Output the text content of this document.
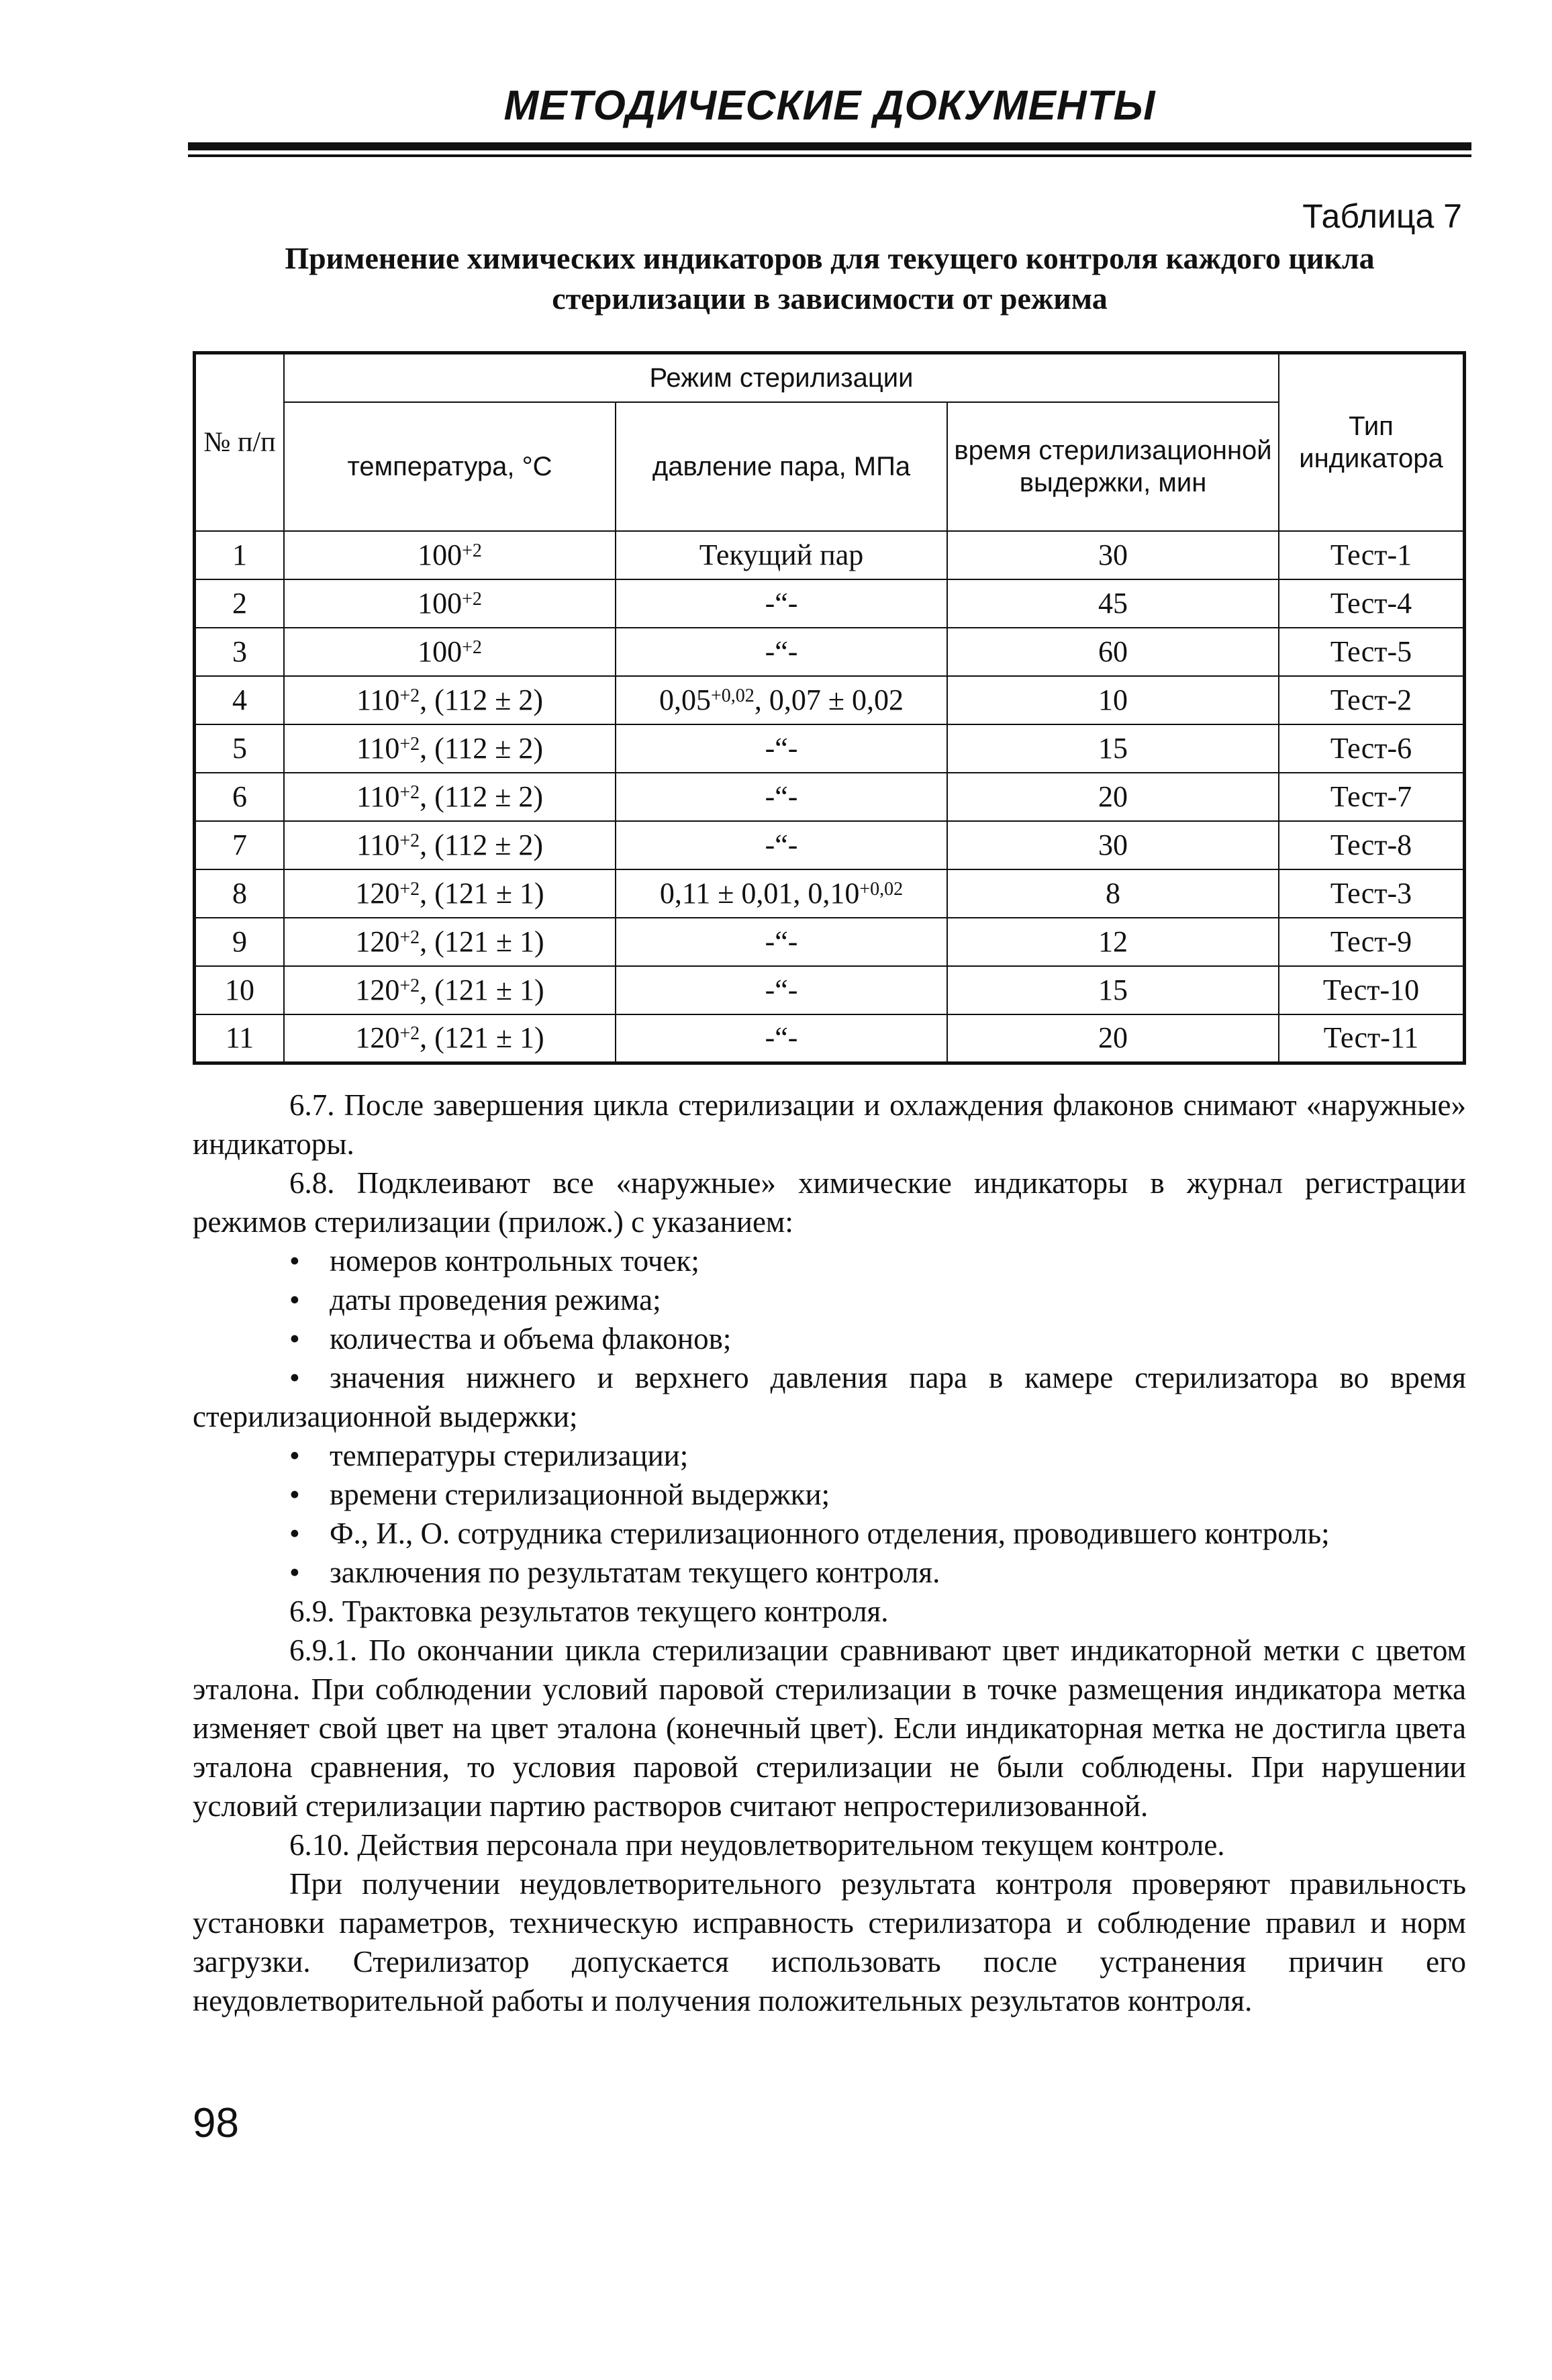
МЕТОДИЧЕСКИЕ ДОКУМЕНТЫ
Таблица 7
Применение химических индикаторов для текущего контроля каждого цикла
стерилизации в зависимости от режима
№ п/п	Режим стерилизации			Тип индикатора
	температура, °С	давление пара, МПа	время стерилизационной выдержки, мин	
1	$100^{+2}$	Текущий пар	30	Тест-1
2	$100^{+2}$	-“-	45	Тест-4
3	$100^{+2}$	-“-	60	Тест-5
4	$110^{+2}$, (112 ± 2)	$0,05^{+0,02}$, 0,07 ± 0,02	10	Тест-2
5	$110^{+2}$, (112 ± 2)	-“-	15	Тест-6
6	$110^{+2}$, (112 ± 2)	-“-	20	Тест-7
7	$110^{+2}$, (112 ± 2)	-“-	30	Тест-8
8	$120^{+2}$, (121 ± 1)	0,11 ± 0,01, $0,10^{+0,02}$	8	Тест-3
9	$120^{+2}$, (121 ± 1)	-“-	12	Тест-9
10	$120^{+2}$, (121 ± 1)	-“-	15	Тест-10
11	$120^{+2}$, (121 ± 1)	-“-	20	Тест-11

6.7. После завершения цикла стерилизации и охлаждения флаконов снимают «наружные» индикаторы.

6.8. Подклеивают все «наружные» химические индикаторы в журнал регистрации режимов стерилизации (прилож.) с указанием:

• номеров контрольных точек;
• даты проведения режима;
• количества и объема флаконов;

• значения нижнего и верхнего давления пара в камере стерилизатора во время стерилизационной выдержки;

• температуры стерилизации;
• времени стерилизационной выдержки;
• Ф., И., О. сотрудника стерилизационного отделения, проводившего контроль;
• заключения по результатам текущего контроля.

6.9. Трактовка результатов текущего контроля.

6.9.1. По окончании цикла стерилизации сравнивают цвет индикаторной метки с цветом эталона. При соблюдении условий паровой стерилизации в точке размещения индикатора метка изменяет свой цвет на цвет эталона (конечный цвет). Если индикаторная метка не достигла цвета эталона сравнения, то условия паровой стерилизации не были соблюдены. При нарушении условий стерилизации партию растворов считают непростерилизованной.

6.10. Действия персонала при неудовлетворительном текущем контроле.

При получении неудовлетворительного результата контроля проверяют правильность установки параметров, техническую исправность стерилизатора и соблюдение правил и норм загрузки. Стерилизатор допускается использовать после устранения причин его неудовлетворительной работы и получения положительных результатов контроля.

98
